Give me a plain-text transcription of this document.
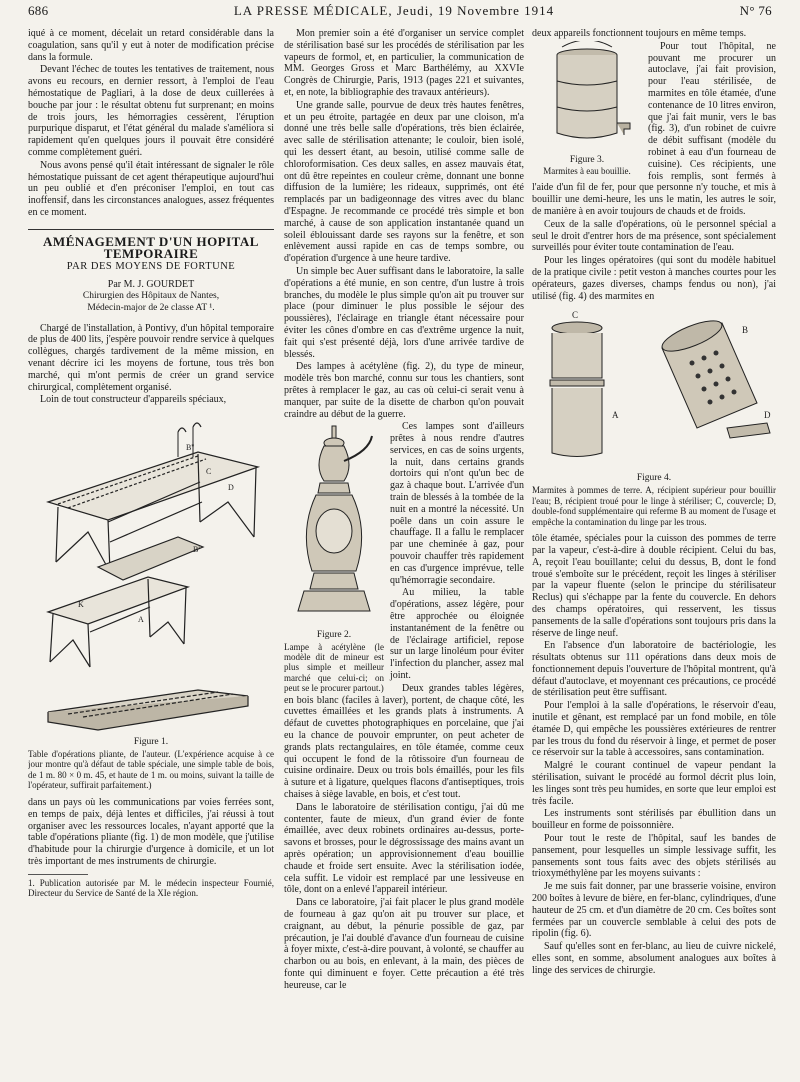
686	LA PRESSE MÉDICALE, Jeudi, 19 Novembre 1914	N° 76

iqué à ce moment, décelait un retard considérable dans la coagulation, sans qu'il y eut à noter de modification précise dans la formule.

Devant l'échec de toutes les tentatives de traitement, nous avons eu recours, en dernier ressort, à l'emploi de l'eau hémostatique de Pagliari, à la dose de deux cuillerées à bouche par jour : le résultat obtenu fut surprenant; en moins de trois jours, les hémorragies cessèrent, l'éruption purpurique disparut, et l'état général du malade s'améliora si rapidement qu'en quelques jours il pouvait être considéré comme complètement guéri.

Nous avons pensé qu'il était intéressant de signaler le rôle hémostatique puissant de cet agent thérapeutique aujourd'hui un peu oublié et d'en préconiser l'emploi, en tout cas inoffensif, dans les circonstances analogues, assez fréquentes en ce moment.

AMÉNAGEMENT D'UN HOPITAL TEMPORAIRE
PAR DES MOYENS DE FORTUNE
Par M. J. GOURDET
Chirurgien des Hôpitaux de Nantes,
Médecin-major de 2e classe AT ¹.

Chargé de l'installation, à Pontivy, d'un hôpital temporaire de plus de 400 lits, j'espère pouvoir rendre service à quelques collègues, chargés tardivement de la même mission, en venant décrire ici les moyens de fortune, tous très bon marché, qui m'ont permis de créer un grand service chirurgical, complètement organisé.

Loin de tout constructeur d'appareils spéciaux,

B''
C
D
B'
K
A
Figure 1.
Table d'opérations pliante, de l'auteur. (L'expérience acquise à ce jour montre qu'à défaut de table spéciale, une simple table de bois, de 1 m. 80 × 0 m. 45, et haute de 1 m. ou moins, suivant la taille de l'opérateur, suffirait parfaitement.)

dans un pays où les communications par voies ferrées sont, en temps de paix, déjà lentes et difficiles, j'ai réussi à tout organiser avec les ressources locales, n'ayant apporté que la table d'opérations pliante (fig. 1) de mon modèle, que j'utilise d'habitude pour la chirurgie d'urgence à domicile, et un lot très important de mes instruments de chirurgie.

1. Publication autorisée par M. le médecin inspecteur Fournié, Directeur du Service de Santé de la XIe région.

Mon premier soin a été d'organiser un service complet de stérilisation basé sur les procédés de stérilisation par les vapeurs de formol, et, en particulier, la communication de MM. Georges Gross et Marc Barthélémy, au XXVIe Congrès de Chirurgie, Paris, 1913 (pages 221 et suivantes, et, en note, la bibliographie des travaux antérieurs).

Une grande salle, pourvue de deux très hautes fenêtres, et un peu étroite, partagée en deux par une cloison, m'a donné une très belle salle d'opérations, très bien éclairée, avec salle de stérilisation attenante; le couloir, bien isolé, qui les dessert étant, au besoin, utilisé comme salle de chloroformisation. Ces deux salles, en assez mauvais état, ont dû être repeintes en couleur crème, donnant une bonne diffusion de la lumière; les rideaux, supprimés, ont été remplacés par un badigeonnage des vitres avec du blanc d'Espagne. Je recommande ce procédé très simple et bon marché, à cause de son application instantanée quand un soleil éblouissant darde ses rayons sur la fenêtre, et son enlèvement aussi rapide en cas de temps sombre, ou d'opération d'urgence à une heure tardive.

Un simple bec Auer suffisant dans le laboratoire, la salle d'opérations a été munie, en son centre, d'un lustre à trois branches, du modèle le plus simple qu'on ait pu trouver sur place (pour diminuer le plus possible le séjour des poussières), l'éclairage en triangle étant nécessaire pour éviter les cônes d'ombre en cas d'extrême urgence la nuit, fait qui s'est présenté déjà, lors d'une arrivée tardive de blessés.

Des lampes à acétylène (fig. 2), du type de mineur, modèle très bon marché, connu sur tous les chantiers, sont prêtes à remplacer le gaz, au cas où celui-ci serait venu à manquer, par suite de la disette de charbon qu'on pouvait craindre au début de la guerre.

Figure 2.
Lampe à acétylène (le modèle dit de mineur est plus simple et meilleur marché que celui-ci; on peut se le procurer partout.)

Ces lampes sont d'ailleurs prêtes à nous rendre d'autres services, en cas de soins urgents, la nuit, dans certains grands dortoirs qui n'ont qu'un bec de gaz à chaque bout. L'arrivée d'un train de blessés à la tombée de la nuit en a montré la nécessité. Un poêle dans un coin assure le chauffage. Il a fallu le remplacer par une cheminée à gaz, pour pouvoir chauffer très rapidement en cas d'urgence imprévue, telle qu'hémorragie secondaire.

Au milieu, la table d'opérations, assez légère, pour être approchée ou éloignée instantanément de la fenêtre ou de l'éclairage artificiel, repose sur un large linoléum pour éviter l'infection du plancher, assez mal joint.

Deux grandes tables légères, en bois blanc (faciles à laver), portent, de chaque côté, les cuvettes émaillées et les grands plats à instruments. A défaut de cuvettes photographiques en porcelaine, que j'ai eu la chance de pouvoir emprunter, on peut acheter de grands plats rectangulaires, en tôle étamée, comme ceux qui occupent le fond de la rôtissoire d'un fourneau de cuisine ordinaire. Deux ou trois bols émaillés, pour les fils à suture et à ligature, quelques flacons d'antiseptiques, trois chaises à siège lavable, en bois, et c'est tout.

Dans le laboratoire de stérilisation contigu, j'ai dû me contenter, faute de mieux, d'un grand évier de fonte émaillée, avec deux robinets ordinaires au-dessus, porte-savons et brosses, pour le dégrossissage des mains avant un après opération; un approvisionnement d'eau bouillie chaude et froide sert ensuite. Avec la stérilisation iodée, cela suffit. Le vidoir est remplacé par une lessiveuse en tôle, dont on a enlevé l'appareil intérieur.

Dans ce laboratoire, j'ai fait placer le plus grand modèle de fourneau à gaz qu'on ait pu trouver sur place, et craignant, au début, la pénurie possible de gaz, par précaution, je l'ai doublé d'avance d'un fourneau de cuisine à foyer mixte, c'est-à-dire pouvant, à volonté, se chauffer au charbon ou au bois, en enlevant, à la main, des pièces de fonte qui diminuent e foyer. Cette précaution a été très heureuse, car le

deux appareils fonctionnent toujours en même temps.

Figure 3.
Marmites à eau bouillie.

Pour tout l'hôpital, ne pouvant me procurer un autoclave, j'ai fait provision, pour l'eau stérilisée, de marmites en tôle étamée, d'une contenance de 10 litres environ, que j'ai fait munir, vers le bas (fig. 3), d'un robinet de cuivre de débit suffisant (modèle du robinet à eau d'un fourneau de cuisine). Ces récipients, une fois remplis, sont fermés à l'aide d'un fil de fer, pour que personne n'y touche, et mis à bouillir une demi-heure, les uns le matin, les autres le soir, de manière à en avoir toujours de chauds et de froids.

Ceux de la salle d'opérations, où le personnel spécial a seul le droit d'entrer hors de ma présence, sont spécialement surveillés pour éviter toute contamination de l'eau.

Pour les linges opératoires (qui sont du modèle habituel de la pratique civile : petit veston à manches courtes pour les opérateurs, gazes diverses, champs fendus ou non), j'ai utilisé (fig. 4) des marmites en

C
B
A	D
Figure 4.
Marmites à pommes de terre. A, récipient supérieur pour bouillir l'eau; B, récipient troué pour le linge à stériliser; C, couvercle; D, double-fond supplémentaire qui referme B au moment de l'usage et empêche la contamination du linge par les trous.

tôle étamée, spéciales pour la cuisson des pommes de terre par la vapeur, c'est-à-dire à double récipient. Celui du bas, A, reçoit l'eau bouillante; celui du dessus, B, dont le fond troué s'emboîte sur le précédent, reçoit les linges à stériliser par la vapeur fluente (selon le principe du stérilisateur Reclus) qui s'échappe par la fente du couvercle. En dehors des champs opératoires, qui resservent, les tissus pansements de la salle d'opérations sont toujours pris dans la réserve de linge neuf.

En l'absence d'un laboratoire de bactériologie, les résultats obtenus sur 111 opérations dans deux mois de fonctionnement depuis l'ouverture de l'hôpital montrent, qu'à défaut d'autoclave, et moyennant ces précautions, ce procédé de stérilisation peut être suffisant.

Pour l'emploi à la salle d'opérations, le réservoir d'eau, inutile et gênant, est remplacé par un fond mobile, en tôle étamée D, qui empêche les poussières extérieures de rentrer par les trous du fond du réservoir à linge, et permet de poser ce réservoir sur la table à accessoires, sans contamination.

Malgré le courant continuel de vapeur pendant la stérilisation, suivant le procédé au formol décrit plus loin, les linges sont très peu humides, en sorte que leur emploi est très facile.

Les instruments sont stérilisés par ébullition dans un bouilleur en forme de poissonnière.

Pour tout le reste de l'hôpital, sauf les bandes de pansement, pour lesquelles un simple lessivage suffit, les pansements sont tous faits avec des objets stérilisés au trioxyméthylène par les moyens suivants :

Je me suis fait donner, par une brasserie voisine, environ 200 boîtes à levure de bière, en fer-blanc, cylindriques, d'une hauteur de 25 cm. et d'un diamètre de 20 cm. Ces boîtes sont fermées par un couvercle semblable à celui des pots de ripolin (fig. 6).

Sauf qu'elles sont en fer-blanc, au lieu de cuivre nickelé, elles sont, en somme, absolument analogues aux boîtes à linge des services de chirurgie.
